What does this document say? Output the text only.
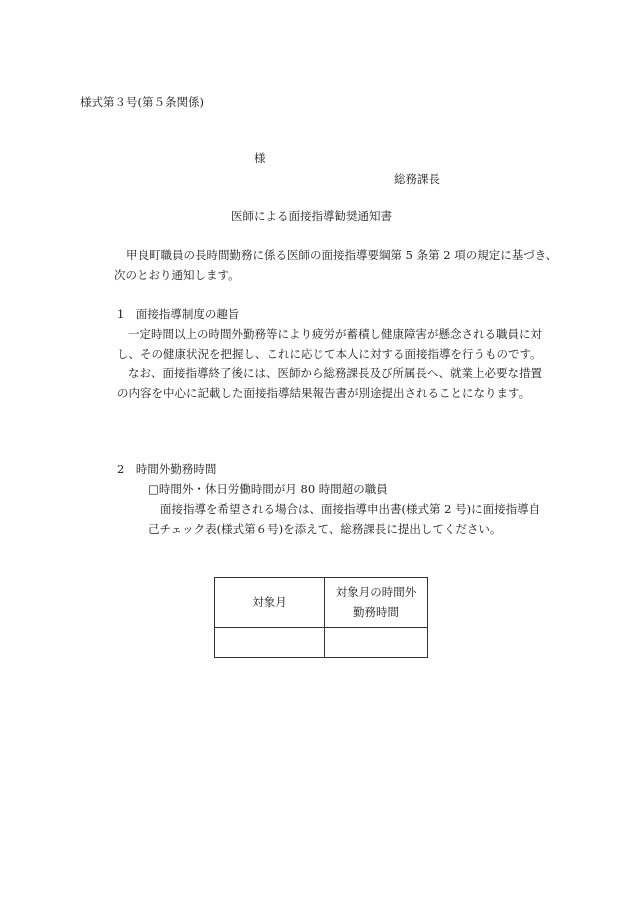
様式第３号(第５条関係)
様
総務課長
医師による面接指導勧奨通知書
甲良町職員の長時間勤務に係る医師の面接指導要綱第 5 条第 2 項の規定に基づき、
次のとおり通知します。
1　面接指導制度の趣旨
一定時間以上の時間外勤務等により疲労が蓄積し健康障害が懸念される職員に対
し、その健康状況を把握し、これに応じて本人に対する面接指導を行うものです。
なお、面接指導終了後には、医師から総務課長及び所属長へ、就業上必要な措置
の内容を中心に記載した面接指導結果報告書が別途提出されることになります。
2　時間外勤務時間
□時間外・休日労働時間が月 80 時間超の職員
面接指導を希望される場合は、面接指導申出書(様式第 2 号)に面接指導自
己チェック表(様式第６号)を添えて、総務課長に提出してください。
対象月	対象月の時間外
勤務時間
